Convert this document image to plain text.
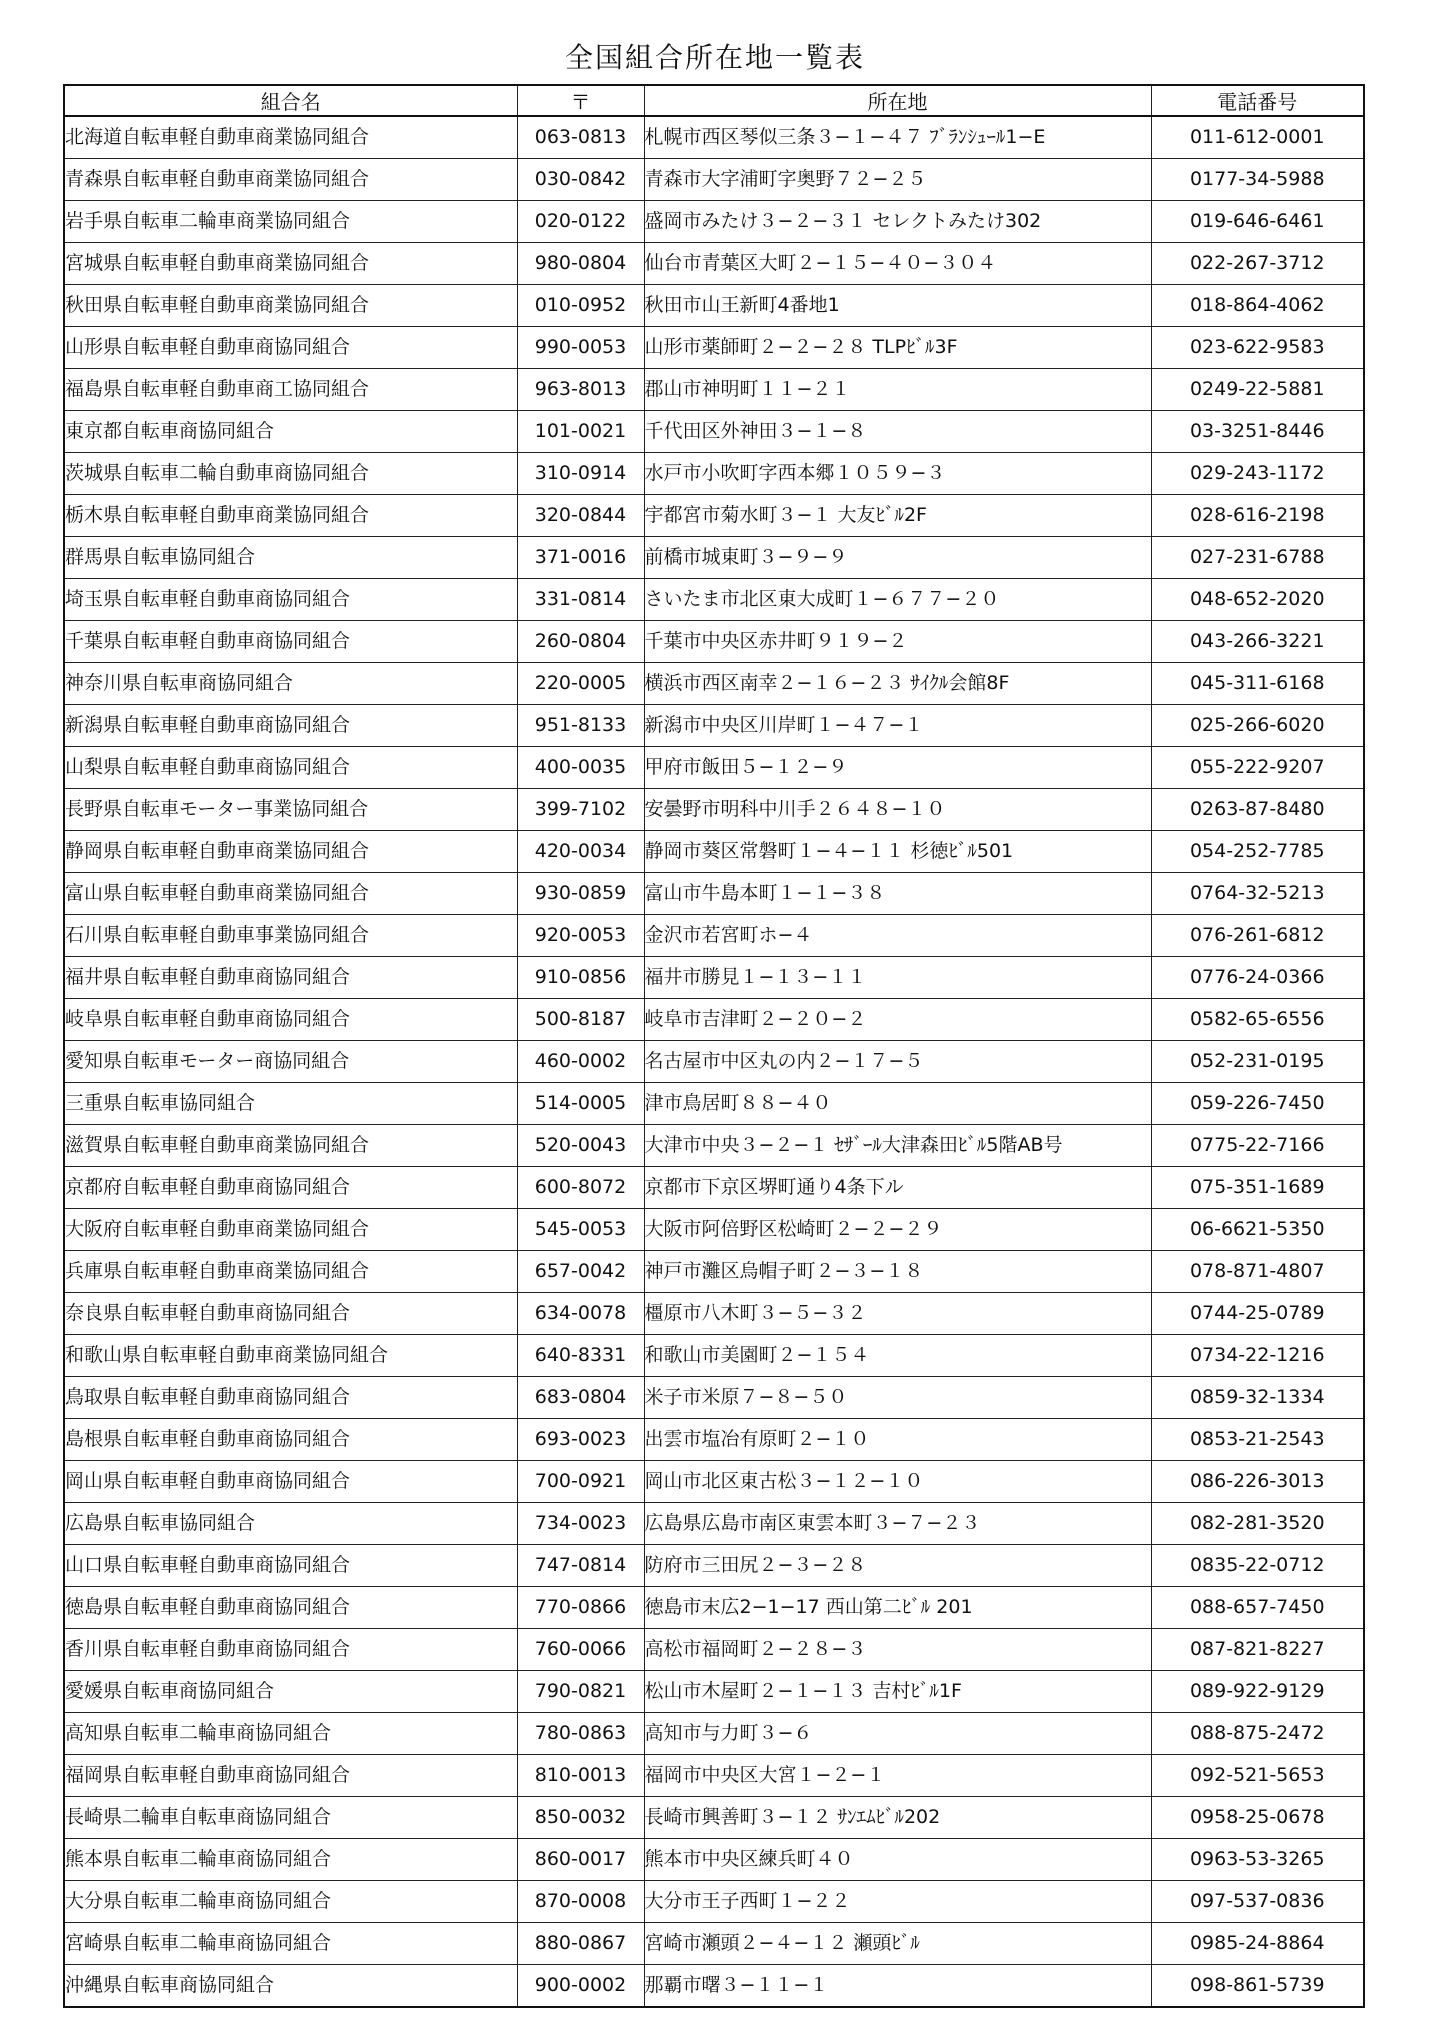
全国組合所在地一覧表
組合名	〒	所在地	電話番号
北海道自転車軽自動車商業協同組合	063-0813	札幌市西区琴似三条３−１−４７ ﾌﾞﾗﾝｼｭｰﾙ1−E	011-612-0001
青森県自転車軽自動車商業協同組合	030-0842	青森市大字浦町字奥野７２−２５	0177-34-5988
岩手県自転車二輪車商業協同組合	020-0122	盛岡市みたけ３−２−３１ セレクトみたけ302	019-646-6461
宮城県自転車軽自動車商業協同組合	980-0804	仙台市青葉区大町２−１５−４０−３０４	022-267-3712
秋田県自転車軽自動車商業協同組合	010-0952	秋田市山王新町4番地1	018-864-4062
山形県自転車軽自動車商協同組合	990-0053	山形市薬師町２−２−２８ TLPﾋﾞﾙ3F	023-622-9583
福島県自転車軽自動車商工協同組合	963-8013	郡山市神明町１１−２１	0249-22-5881
東京都自転車商協同組合	101-0021	千代田区外神田３−１−８	03-3251-8446
茨城県自転車二輪自動車商協同組合	310-0914	水戸市小吹町字西本郷１０５９−３	029-243-1172
栃木県自転車軽自動車商業協同組合	320-0844	宇都宮市菊水町３−１ 大友ﾋﾞﾙ2F	028-616-2198
群馬県自転車協同組合	371-0016	前橋市城東町３−９−９	027-231-6788
埼玉県自転車軽自動車商協同組合	331-0814	さいたま市北区東大成町１−６７７−２０	048-652-2020
千葉県自転車軽自動車商協同組合	260-0804	千葉市中央区赤井町９１９−２	043-266-3221
神奈川県自転車商協同組合	220-0005	横浜市西区南幸２−１６−２３ ｻｲｸﾙ会館8F	045-311-6168
新潟県自転車軽自動車商協同組合	951-8133	新潟市中央区川岸町１−４７−１	025-266-6020
山梨県自転車軽自動車商協同組合	400-0035	甲府市飯田５−１２−９	055-222-9207
長野県自転車モーター事業協同組合	399-7102	安曇野市明科中川手２６４８−１０	0263-87-8480
静岡県自転車軽自動車商業協同組合	420-0034	静岡市葵区常磐町１−４−１１ 杉徳ﾋﾞﾙ501	054-252-7785
富山県自転車軽自動車商業協同組合	930-0859	富山市牛島本町１−１−３８	0764-32-5213
石川県自転車軽自動車事業協同組合	920-0053	金沢市若宮町ホ−４	076-261-6812
福井県自転車軽自動車商協同組合	910-0856	福井市勝見１−１３−１１	0776-24-0366
岐阜県自転車軽自動車商協同組合	500-8187	岐阜市吉津町２−２０−２	0582-65-6556
愛知県自転車モーター商協同組合	460-0002	名古屋市中区丸の内２−１７−５	052-231-0195
三重県自転車協同組合	514-0005	津市鳥居町８８−４０	059-226-7450
滋賀県自転車軽自動車商業協同組合	520-0043	大津市中央３−２−１ ｾｻﾞｰﾙ大津森田ﾋﾞﾙ5階AB号	0775-22-7166
京都府自転車軽自動車商協同組合	600-8072	京都市下京区堺町通り4条下ル	075-351-1689
大阪府自転車軽自動車商業協同組合	545-0053	大阪市阿倍野区松崎町２−２−２９	06-6621-5350
兵庫県自転車軽自動車商業協同組合	657-0042	神戸市灘区烏帽子町２−３−１８	078-871-4807
奈良県自転車軽自動車商協同組合	634-0078	橿原市八木町３−５−３２	0744-25-0789
和歌山県自転車軽自動車商業協同組合	640-8331	和歌山市美園町２−１５４	0734-22-1216
鳥取県自転車軽自動車商協同組合	683-0804	米子市米原７−８−５０	0859-32-1334
島根県自転車軽自動車商協同組合	693-0023	出雲市塩冶有原町２−１０	0853-21-2543
岡山県自転車軽自動車商協同組合	700-0921	岡山市北区東古松３−１２−１０	086-226-3013
広島県自転車協同組合	734-0023	広島県広島市南区東雲本町３−７−２３	082-281-3520
山口県自転車軽自動車商協同組合	747-0814	防府市三田尻２−３−２８	0835-22-0712
徳島県自転車軽自動車商協同組合	770-0866	徳島市末広2−1−17 西山第二ﾋﾞﾙ 201	088-657-7450
香川県自転車軽自動車商協同組合	760-0066	高松市福岡町２−２８−３	087-821-8227
愛媛県自転車商協同組合	790-0821	松山市木屋町２−１−１３ 吉村ﾋﾞﾙ1F	089-922-9129
高知県自転車二輪車商協同組合	780-0863	高知市与力町３−６	088-875-2472
福岡県自転車軽自動車商協同組合	810-0013	福岡市中央区大宮１−２−１	092-521-5653
長崎県二輪車自転車商協同組合	850-0032	長崎市興善町３−１２ ｻﾝｴﾑﾋﾞﾙ202	0958-25-0678
熊本県自転車二輪車商協同組合	860-0017	熊本市中央区練兵町４０	0963-53-3265
大分県自転車二輪車商協同組合	870-0008	大分市王子西町１−２２	097-537-0836
宮崎県自転車二輪車商協同組合	880-0867	宮崎市瀬頭２−４−１２ 瀬頭ﾋﾞﾙ	0985-24-8864
沖縄県自転車商協同組合	900-0002	那覇市曙３−１１−１	098-861-5739
